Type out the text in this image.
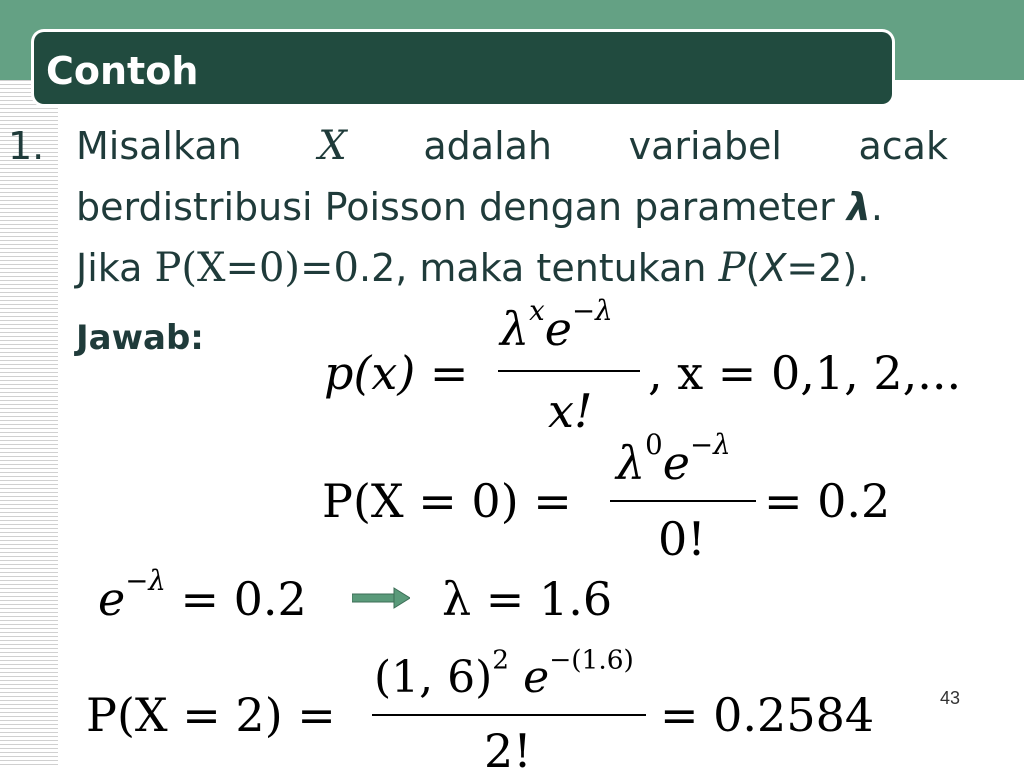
Contoh
1. Misalkan X adalah variabel acak
berdistribusi Poisson dengan parameter λ.
Jika P(X=0)=0.2, maka tentukan P(X=2).
Jawab:
p(x) =
$\lambda^xe^{-\lambda}$
x!
, x = 0,1, 2,...
P(X = 0) =
$\lambda^0e^{-\lambda}$
0!
= 0.2
$e^{-\lambda} = 0.2$	λ = 1.6
P(X = 2) =
(1, 6)$^2$ $e^{-(1.6)}$
2!
= 0.2584	43
